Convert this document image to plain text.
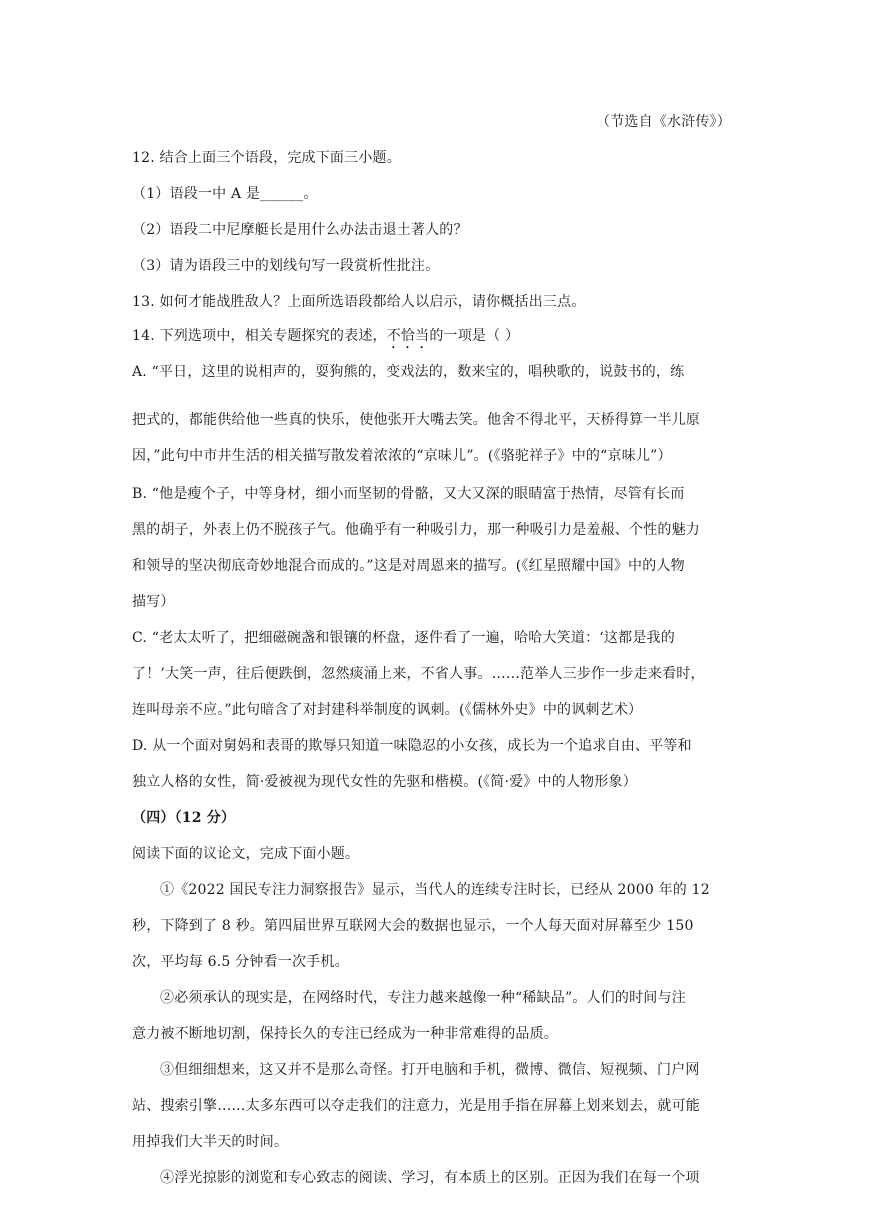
（节选自《水浒传》）
12. 结合上面三个语段，完成下面三小题。
（1）语段一中 A 是______。
（2）语段二中尼摩艇长是用什么办法击退土著人的？
（3）请为语段三中的划线句写一段赏析性批注。
13. 如何才能战胜敌人？上面所选语段都给人以启示，请你概括出三点。
14. 下列选项中，相关专题探究的表述，不恰当的一项是（ ）
A. “平日，这里的说相声的，耍狗熊的，变戏法的，数来宝的，唱秧歌的，说鼓书的，练
把式的，都能供给他一些真的快乐，使他张开大嘴去笑。他舍不得北平，天桥得算一半儿原
因，”此句中市井生活的相关描写散发着浓浓的“京味儿”。(《骆驼祥子》中的“京味儿”）
B. “他是瘦个子，中等身材，细小而坚韧的骨骼，又大又深的眼睛富于热情，尽管有长而
黑的胡子，外表上仍不脱孩子气。他确乎有一种吸引力，那一种吸引力是羞赧、个性的魅力
和领导的坚决彻底奇妙地混合而成的。”这是对周恩来的描写。(《红星照耀中国》中的人物
描写）
C. “老太太听了，把细磁碗盏和银镶的杯盘，逐件看了一遍，哈哈大笑道：‘这都是我的
了！’大笑一声，往后便跌倒，忽然痰涌上来，不省人事。……范举人三步作一步走来看时，
连叫母亲不应。”此句暗含了对封建科举制度的讽刺。(《儒林外史》中的讽刺艺术）
D. 从一个面对舅妈和表哥的欺辱只知道一味隐忍的小女孩，成长为一个追求自由、平等和
独立人格的女性，简·爱被视为现代女性的先驱和楷模。(《简·爱》中的人物形象）
（四）（12 分）
阅读下面的议论文，完成下面小题。
①《2022 国民专注力洞察报告》显示，当代人的连续专注时长，已经从 2000 年的 12
秒，下降到了 8 秒。第四届世界互联网大会的数据也显示，一个人每天面对屏幕至少 150
次，平均每 6.5 分钟看一次手机。
②必须承认的现实是，在网络时代，专注力越来越像一种“稀缺品”。人们的时间与注
意力被不断地切割，保持长久的专注已经成为一种非常难得的品质。
③但细细想来，这又并不是那么奇怪。打开电脑和手机，微博、微信、短视频、门户网
站、搜索引擎……太多东西可以夺走我们的注意力，光是用手指在屏幕上划来划去，就可能
用掉我们大半天的时间。
④浮光掠影的浏览和专心致志的阅读、学习，有本质上的区别。正因为我们在每一个项
